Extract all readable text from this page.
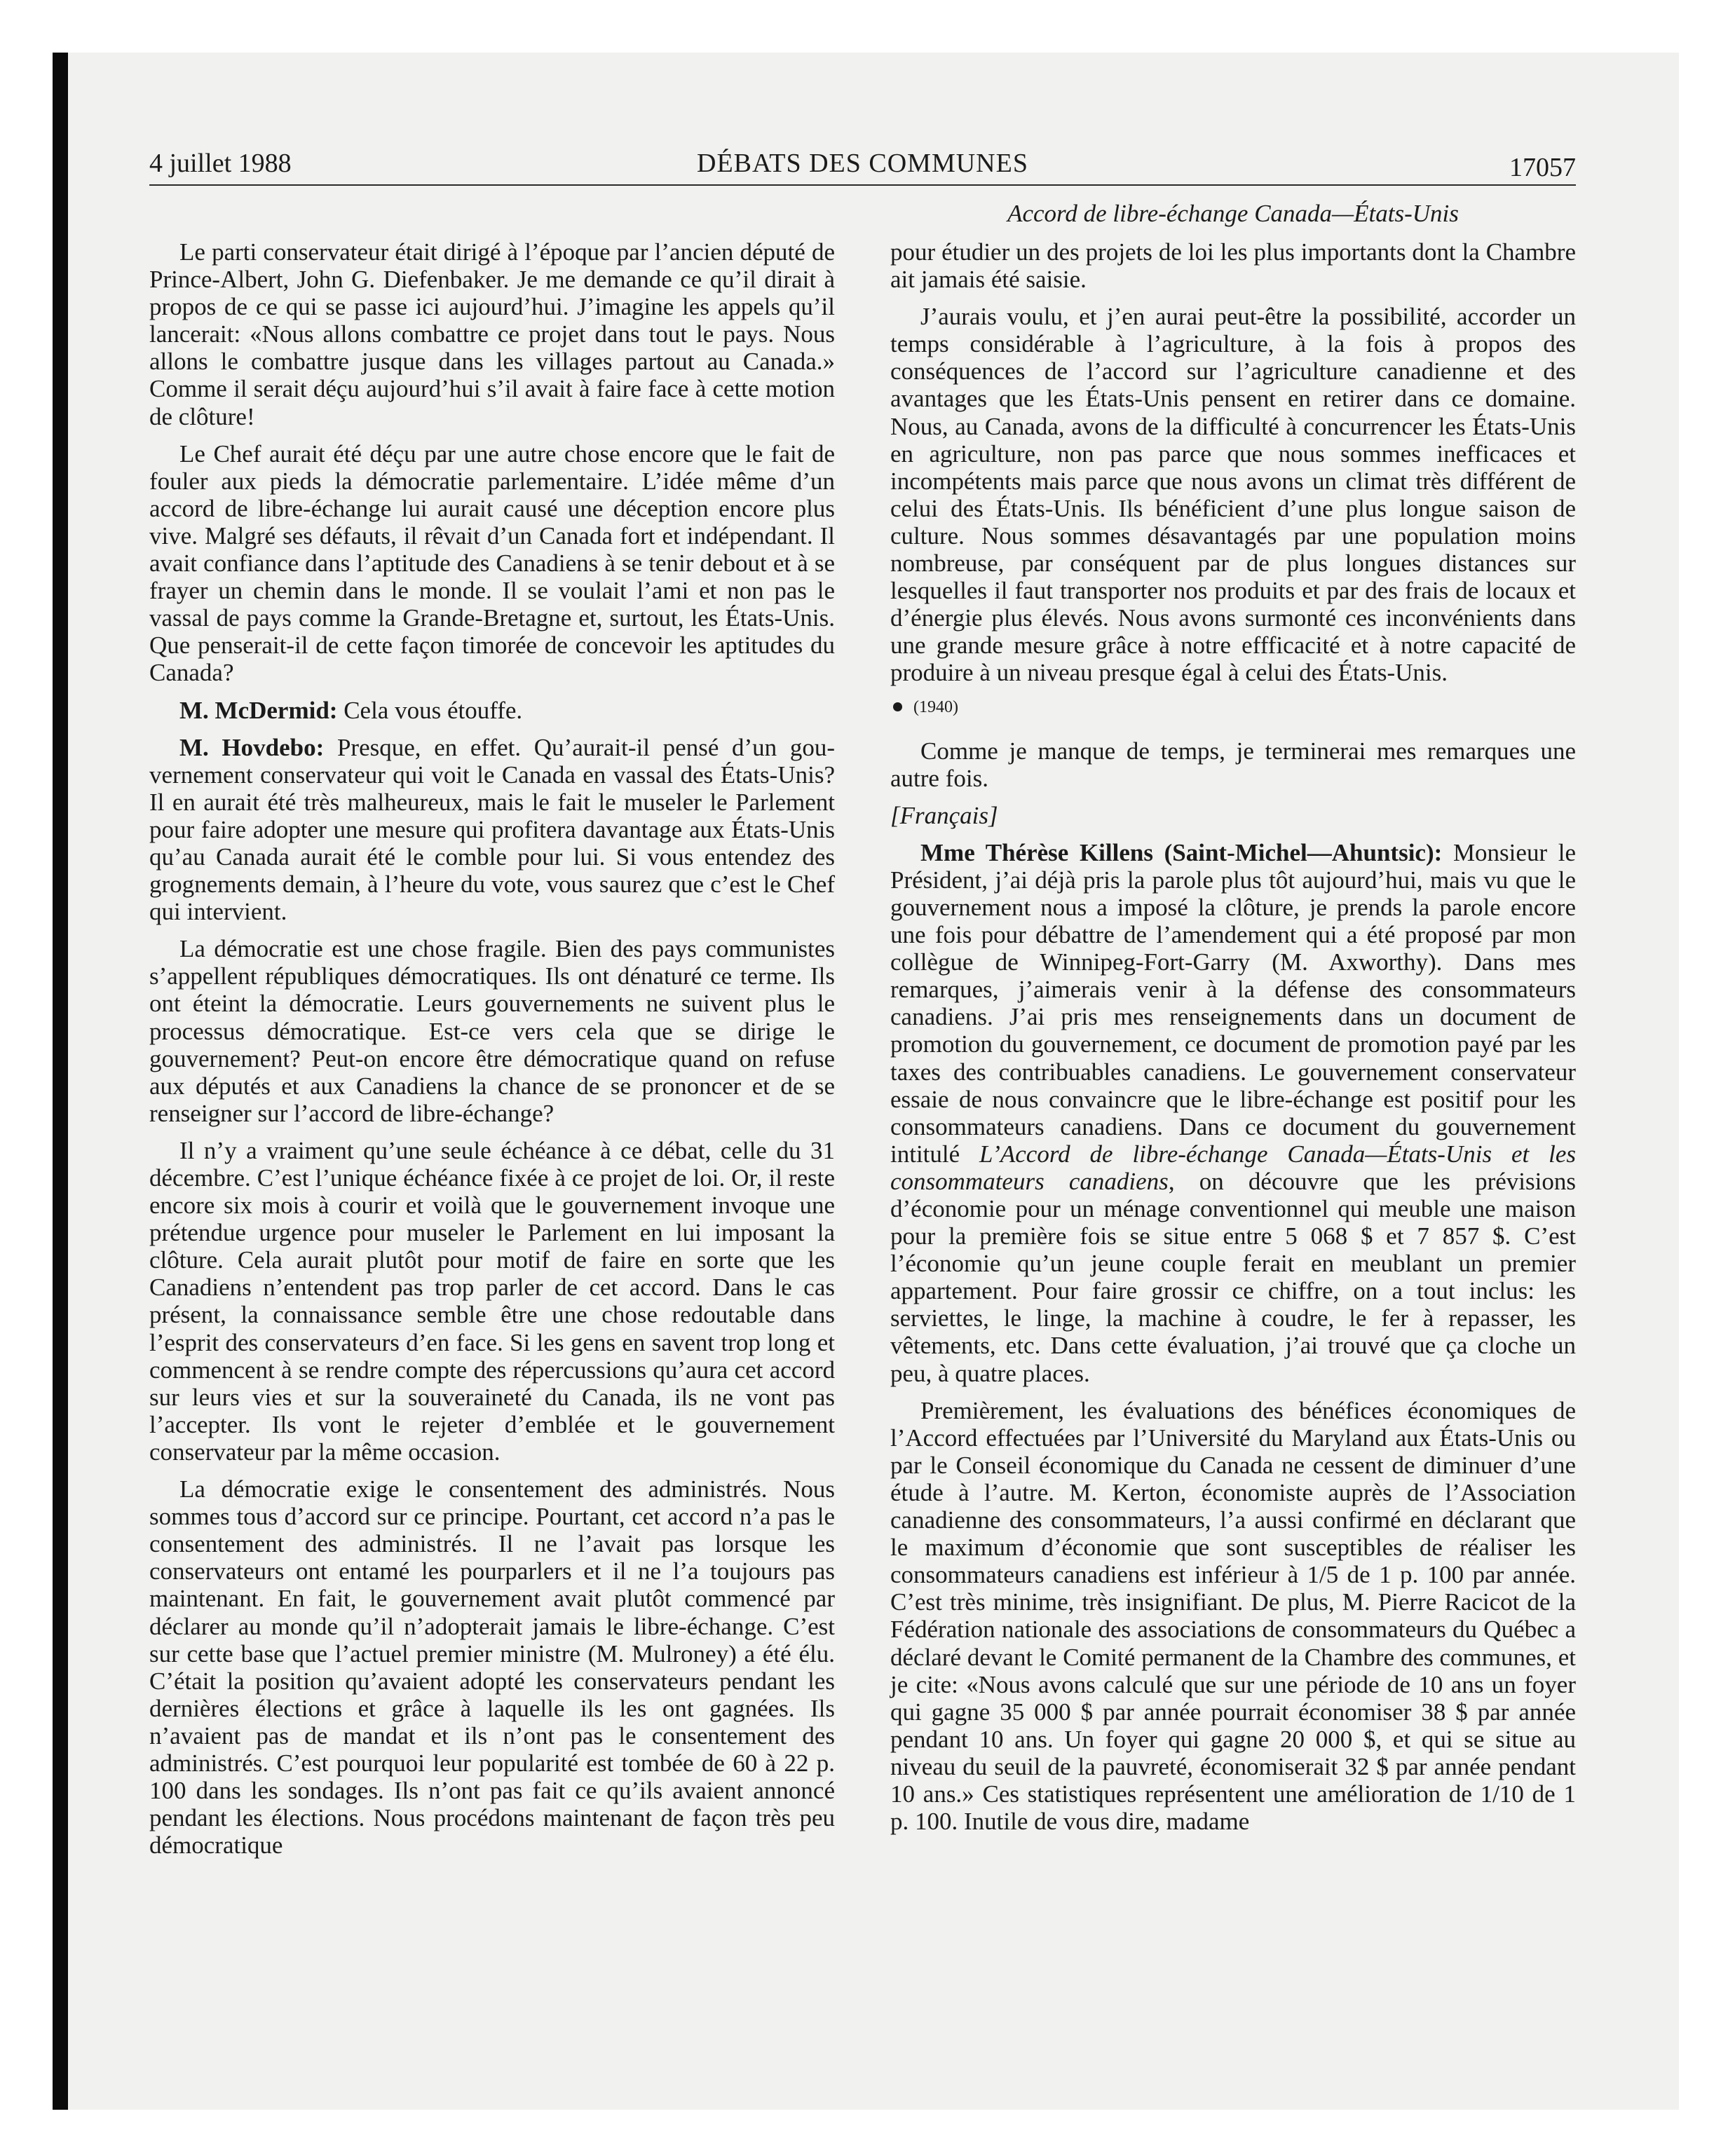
4 juillet 1988	DÉBATS DES COMMUNES	17057
Accord de libre-échange Canada—États-Unis

Le parti conservateur était dirigé à l’époque par l’ancien député de Prince-Albert, John G. Diefenbaker. Je me demande ce qu’il dirait à propos de ce qui se passe ici aujourd’hui. J’imagine les appels qu’il lancerait: «Nous allons combattre ce projet dans tout le pays. Nous allons le combattre jusque dans les villages partout au Canada.» Comme il serait déçu aujourd’hui s’il avait à faire face à cette motion de clôture!

Le Chef aurait été déçu par une autre chose encore que le fait de fouler aux pieds la démocratie parlementaire. L’idée même d’un accord de libre-échange lui aurait causé une déception encore plus vive. Malgré ses défauts, il rêvait d’un Canada fort et indépendant. Il avait confiance dans l’aptitude des Canadiens à se tenir debout et à se frayer un chemin dans le monde. Il se voulait l’ami et non pas le vassal de pays comme la Grande-Bretagne et, surtout, les États-Unis. Que penserait-il de cette façon timorée de concevoir les aptitudes du Canada?

M. McDermid: Cela vous étouffe.

M. Hovdebo: Presque, en effet. Qu’aurait-il pensé d’un gouvernement conservateur qui voit le Canada en vassal des États-Unis? Il en aurait été très malheureux, mais le fait le museler le Parlement pour faire adopter une mesure qui profitera davantage aux États-Unis qu’au Canada aurait été le comble pour lui. Si vous entendez des grognements demain, à l’heure du vote, vous saurez que c’est le Chef qui intervient.

La démocratie est une chose fragile. Bien des pays communistes s’appellent républiques démocratiques. Ils ont dénaturé ce terme. Ils ont éteint la démocratie. Leurs gouvernements ne suivent plus le processus démocratique. Est-ce vers cela que se dirige le gouvernement? Peut-on encore être démocratique quand on refuse aux députés et aux Canadiens la chance de se prononcer et de se renseigner sur l’accord de libre-échange?

Il n’y a vraiment qu’une seule échéance à ce débat, celle du 31 décembre. C’est l’unique échéance fixée à ce projet de loi. Or, il reste encore six mois à courir et voilà que le gouvernement invoque une prétendue urgence pour museler le Parlement en lui imposant la clôture. Cela aurait plutôt pour motif de faire en sorte que les Canadiens n’entendent pas trop parler de cet accord. Dans le cas présent, la connaissance semble être une chose redoutable dans l’esprit des conservateurs d’en face. Si les gens en savent trop long et commencent à se rendre compte des répercussions qu’aura cet accord sur leurs vies et sur la souveraineté du Canada, ils ne vont pas l’accepter. Ils vont le rejeter d’emblée et le gouvernement conservateur par la même occasion.

La démocratie exige le consentement des administrés. Nous sommes tous d’accord sur ce principe. Pourtant, cet accord n’a pas le consentement des administrés. Il ne l’avait pas lorsque les conservateurs ont entamé les pourparlers et il ne l’a toujours pas maintenant. En fait, le gouvernement avait plutôt commencé par déclarer au monde qu’il n’adopterait jamais le libre-échange. C’est sur cette base que l’actuel premier ministre (M. Mulroney) a été élu. C’était la position qu’avaient adopté les conservateurs pendant les dernières élections et grâce à laquelle ils les ont gagnées. Ils n’avaient pas de mandat et ils n’ont pas le consentement des administrés. C’est pourquoi leur popularité est tombée de 60 à 22 p. 100 dans les sondages. Ils n’ont pas fait ce qu’ils avaient annoncé pendant les élections. Nous procédons maintenant de façon très peu démocratique

pour étudier un des projets de loi les plus importants dont la Chambre ait jamais été saisie.

J’aurais voulu, et j’en aurai peut-être la possibilité, accorder un temps considérable à l’agriculture, à la fois à propos des conséquences de l’accord sur l’agriculture canadienne et des avantages que les États-Unis pensent en retirer dans ce domaine. Nous, au Canada, avons de la difficulté à concurrencer les États-Unis en agriculture, non pas parce que nous sommes inefficaces et incompétents mais parce que nous avons un climat très différent de celui des États-Unis. Ils bénéficient d’une plus longue saison de culture. Nous sommes désavantagés par une population moins nombreuse, par conséquent par de plus longues distances sur lesquelles il faut transporter nos produits et par des frais de locaux et d’énergie plus élevés. Nous avons surmonté ces inconvénients dans une grande mesure grâce à notre effficacité et à notre capacité de produire à un niveau presque égal à celui des États-Unis.

(1940)

Comme je manque de temps, je terminerai mes remarques une autre fois.

[Français]

Mme Thérèse Killens (Saint-Michel—Ahuntsic): Monsieur le Président, j’ai déjà pris la parole plus tôt aujourd’hui, mais vu que le gouvernement nous a imposé la clôture, je prends la parole encore une fois pour débattre de l’amendement qui a été proposé par mon collègue de Winnipeg-Fort-Garry (M. Axworthy). Dans mes remarques, j’aimerais venir à la défense des consommateurs canadiens. J’ai pris mes renseignements dans un document de promotion du gouvernement, ce document de promotion payé par les taxes des contribuables canadiens. Le gouvernement conservateur essaie de nous convaincre que le libre-échange est positif pour les consommateurs canadiens. Dans ce document du gouvernement intitulé L’Accord de libre-échange Canada—États-Unis et les consommateurs canadiens, on découvre que les prévisions d’économie pour un ménage conventionnel qui meuble une maison pour la première fois se situe entre 5 068 $ et 7 857 $. C’est l’économie qu’un jeune couple ferait en meublant un premier appartement. Pour faire grossir ce chiffre, on a tout inclus: les serviettes, le linge, la machine à coudre, le fer à repasser, les vêtements, etc. Dans cette évaluation, j’ai trouvé que ça cloche un peu, à quatre places.

Premièrement, les évaluations des bénéfices économiques de l’Accord effectuées par l’Université du Maryland aux États-Unis ou par le Conseil économique du Canada ne cessent de diminuer d’une étude à l’autre. M. Kerton, économiste auprès de l’Association canadienne des consommateurs, l’a aussi confirmé en déclarant que le maximum d’économie que sont susceptibles de réaliser les consommateurs canadiens est inférieur à 1/5 de 1 p. 100 par année. C’est très minime, très insignifiant. De plus, M. Pierre Racicot de la Fédération nationale des associations de consommateurs du Québec a déclaré devant le Comité permanent de la Chambre des communes, et je cite: «Nous avons calculé que sur une période de 10 ans un foyer qui gagne 35 000 $ par année pourrait économiser 38 $ par année pendant 10 ans. Un foyer qui gagne 20 000 $, et qui se situe au niveau du seuil de la pauvreté, économiserait 32 $ par année pendant 10 ans.» Ces statistiques représentent une amélioration de 1/10 de 1 p. 100. Inutile de vous dire, madame
